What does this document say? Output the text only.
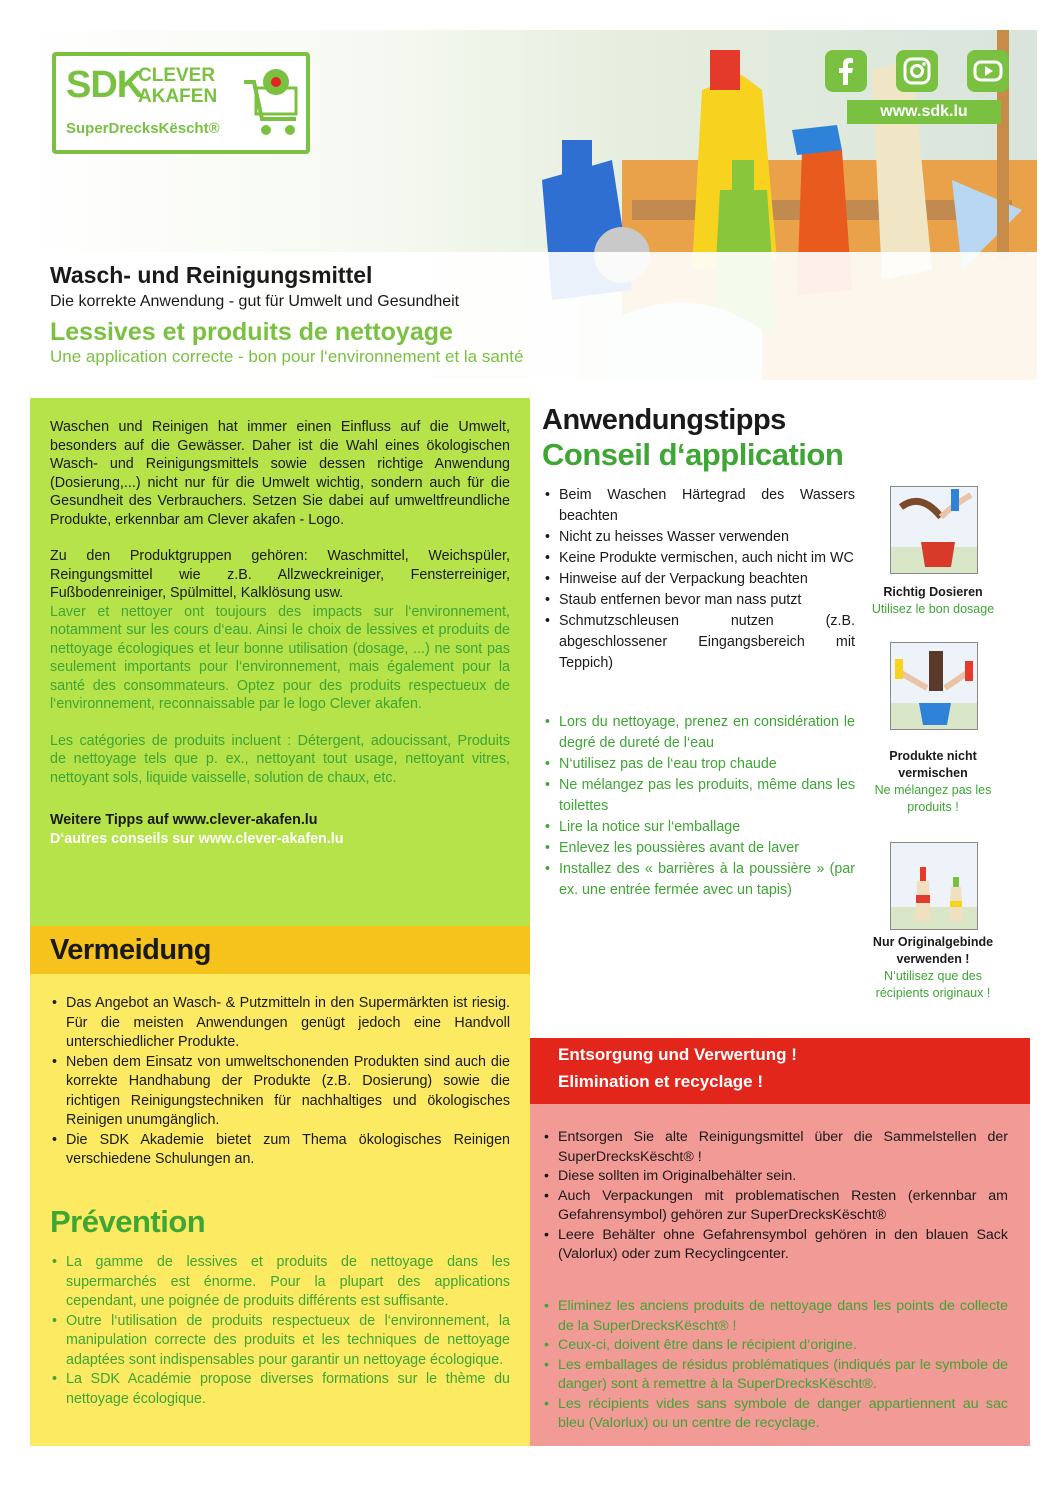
SDK
CLEVER
AKAFEN
SuperDrecksKëscht®
www.sdk.lu
Wasch- und Reinigungsmittel
Die korrekte Anwendung - gut für Umwelt und Gesundheit
Lessives et produits de nettoyage
Une application correcte - bon pour l‘environnement et la santé

Waschen und Reinigen hat immer einen Einfluss auf die Umwelt, besonders auf die Gewässer. Daher ist die Wahl eines ökologischen Wasch- und Reinigungsmittels sowie dessen richtige Anwendung (Dosierung,...) nicht nur für die Umwelt wichtig, sondern auch für die Gesundheit des Verbrauchers. Setzen Sie dabei auf umweltfreundliche Produkte, erkennbar am Clever akafen - Logo.

Zu den Produktgruppen gehören: Waschmittel, Weichspüler, Reingungsmittel wie z.B. Allzweckreiniger, Fensterreiniger, Fußbodenreiniger, Spülmittel, Kalklösung usw.

Laver et nettoyer ont toujours des impacts sur l‘environnement, notamment sur les cours d‘eau. Ainsi le choix de lessives et produits de nettoyage écologiques et leur bonne utilisation (dosage, ...) ne sont pas seulement importants pour l‘environnement, mais également pour la santé des consommateurs. Optez pour des produits respectueux de l‘environnement, reconnaissable par le logo Clever akafen.

Les catégories de produits incluent : Détergent, adoucissant, Produits de nettoyage tels que p. ex., nettoyant tout usage, nettoyant vitres, nettoyant sols, liquide vaisselle, solution de chaux, etc.

Weitere Tipps auf www.clever-akafen.lu

D‘autres conseils sur www.clever-akafen.lu

Vermeidung
• Das Angebot an Wasch- & Putzmitteln in den Supermärkten ist riesig. Für die meisten Anwendungen genügt jedoch eine Handvoll unterschiedlicher Produkte.
• Neben dem Einsatz von umweltschonenden Produkten sind auch die korrekte Handhabung der Produkte (z.B. Dosierung) sowie die richtigen Reinigungstechniken für nachhaltiges und ökologisches Reinigen unumgänglich.
• Die SDK Akademie bietet zum Thema ökologisches Reinigen verschiedene Schulungen an.
• La gamme de lessives et produits de nettoyage dans les supermarchés est énorme. Pour la plupart des applications cependant, une poignée de produits différents est suffisante.
• Outre l‘utilisation de produits respectueux de l‘environnement, la manipulation correcte des produits et les techniques de nettoyage adaptées sont indispensables pour garantir un nettoyage écologique.
• La SDK Académie propose diverses formations sur le thème du nettoyage écologique.
Prévention
Anwendungstipps
Conseil d‘application
• Beim Waschen Härtegrad des Wassers beachten
• Nicht zu heisses Wasser verwenden
• Keine Produkte vermischen, auch nicht im WC
• Hinweise auf der Verpackung beachten
• Staub entfernen bevor man nass putzt
• Schmutzschleusen nutzen (z.B. abgeschlossener Eingangsbereich mit Teppich)
• Lors du nettoyage, prenez en considération le degré de dureté de l‘eau
• N‘utilisez pas de l‘eau trop chaude
• Ne mélangez pas les produits, même dans les toilettes
• Lire la notice sur l‘emballage
• Enlevez les poussières avant de laver
• Installez des « barrières à la poussière » (par ex. une entrée fermée avec un tapis)
Richtig Dosieren
Utilisez le bon dosage
Produkte nicht vermischen
Ne mélangez pas les produits !
Nur Originalgebinde verwenden !
N‘utilisez que des récipients originaux !
Entsorgung und Verwertung !
Elimination et recyclage !
• Entsorgen Sie alte Reinigungsmittel über die Sammelstellen der SuperDrecksKëscht® !
• Diese sollten im Originalbehälter sein.
• Auch Verpackungen mit problematischen Resten (erkennbar am Gefahrensymbol) gehören zur SuperDrecksKëscht®
• Leere Behälter ohne Gefahrensymbol gehören in den blauen Sack (Valorlux) oder zum Recyclingcenter.
• Eliminez les anciens produits de nettoyage dans les points de collecte de la SuperDrecksKëscht® !
• Ceux-ci, doivent être dans le récipient d‘origine.
• Les emballages de résidus problématiques (indiqués par le symbole de danger) sont à remettre à la SuperDrecksKëscht®.
• Les récipients vides sans symbole de danger appartiennent au sac bleu (Valorlux) ou un centre de recyclage.
